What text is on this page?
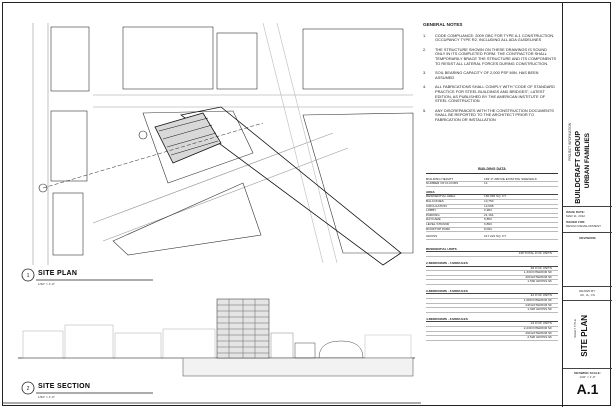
1
2
SITE PLAN
1/32" = 1'-0"
SITE SECTION
1/64" = 1'-0"
GENERAL NOTES
1. CODE COMPLIANCE: 2009 OBC FOR TYPE A-1 CONSTRUCTION, OCCUPANCY TYPE R2, INCLUDING ALL ADA GUIDELINES
2. THE STRUCTURE SHOWN ON THESE DRAWINGS IS SOUND ONLY IN ITS COMPLETED FORM. THE CONTRACTOR SHALL TEMPORARILY BRACE THE STRUCTURE AND ITS COMPONENTS TO RESIST ALL LATERAL FORCES DURING CONSTRUCTION.
3. SOIL BEARING CAPACITY OF 2,000 PSF MIN. HAS BEEN ASSUMED
4. ALL FABRICATIONS SHALL COMPLY WITH "CODE OF STANDARD PRACTICE FOR STEEL BUILDINGS AND BRIDGES", LATEST EDITION, AS PUBLISHED BY THE AMERICAN INSTITUTE OF STEEL CONSTRUCTION
5. ANY DISCREPANCIES WITH THE CONSTRUCTION DOCUMENTS SHALL BE REPORTED TO THE ARCHITECT PRIOR TO FABRICATION OR INSTALLATION
BUILDING DATA
BUILDING HEIGHT	169'-0" ABOVE EXISTING SIDEWALK
NUMBER OF FLOORS	14
AREA
RESIDENTIAL AREA	150,965 SQ. FT.
BALCONIES	10,750
CIRCULATION	12,508
LOBBY	2,984
PARKING	21,164
DAYCARE	6,854
LEVEL STRAND	6,893
ROOFTOP PARK	8,094
GROSS	217,222 SQ. FT.
RESIDENTIAL UNITS
138 TOTAL # OF UNITS
2-BEDROOMS - 4 MODULES
48 # OF UNITS
1,330 INTERIOR SF
200 EXTERIOR SF
1,530 GROSS SF
3-BEDROOMS - 6 MODULES
42 # OF UNITS
1,680 INTERIOR SF
240 EXTERIOR SF
1,920 GROSS SF
4-BEDROOMS - 8 MODULES
24 # OF UNITS
2,230 INTERIOR SF
290 EXTERIOR SF
2,520 GROSS SF
PROJECT INFORMATION BUILDCRAFT GROUP URBAN FAMILIES
ISSUE DATE:
MAR 11, 2012
ISSUED FOR:
DESIGN DEVELOPMENT
REVISIONS
DRAWN BY:
AK, JL, CS
SHEET TITLE SITE PLAN
DRAWING SCALE:
1/32" = 1'-0"
A.1
